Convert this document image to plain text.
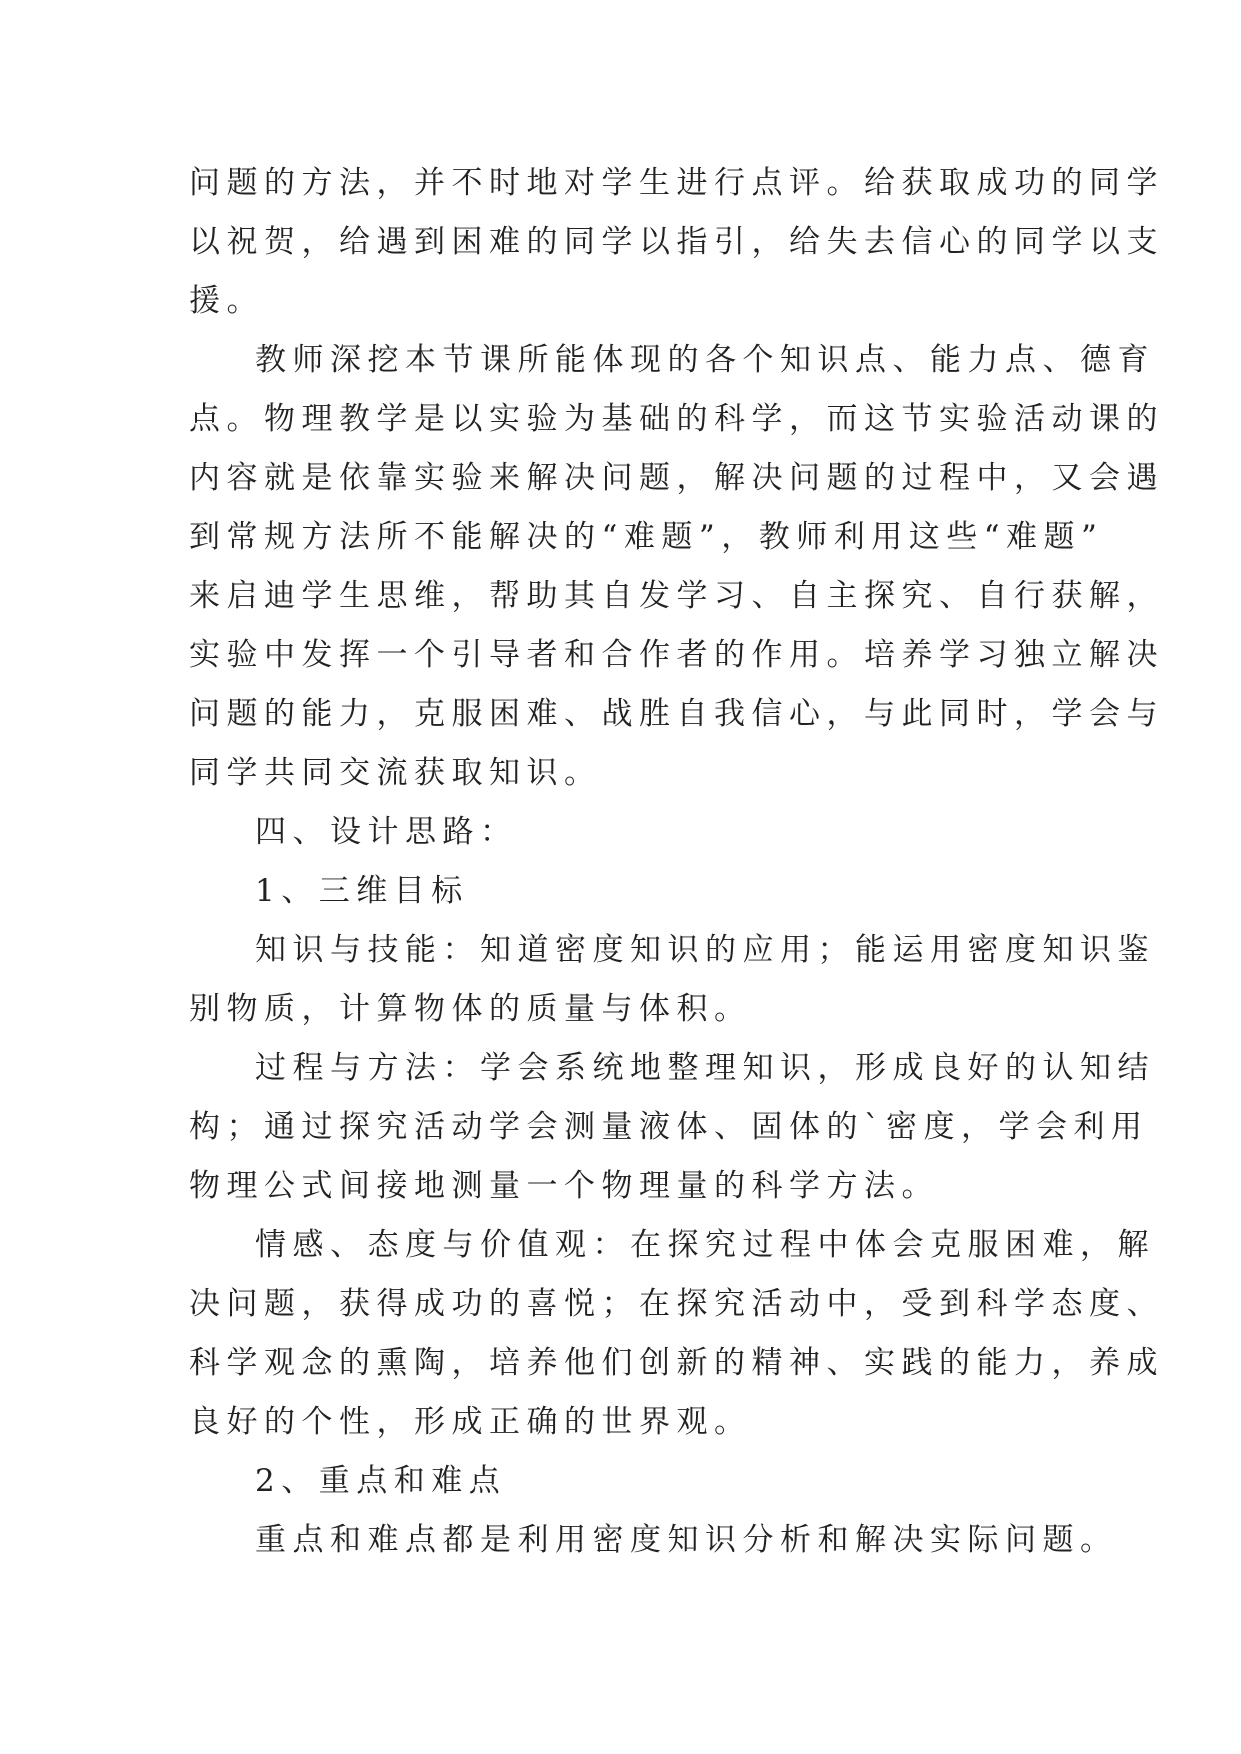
问题的方法，并不时地对学生进行点评。给获取成功的同学
以祝贺，给遇到困难的同学以指引，给失去信心的同学以支
援。
教师深挖本节课所能体现的各个知识点、能力点、德育
点。物理教学是以实验为基础的科学，而这节实验活动课的
内容就是依靠实验来解决问题，解决问题的过程中，又会遇
到常规方法所不能解决的“难题”，教师利用这些“难题”
来启迪学生思维，帮助其自发学习、自主探究、自行获解，
实验中发挥一个引导者和合作者的作用。培养学习独立解决
问题的能力，克服困难、战胜自我信心，与此同时，学会与
同学共同交流获取知识。
四、设计思路：
1、三维目标
知识与技能：知道密度知识的应用；能运用密度知识鉴
别物质，计算物体的质量与体积。
过程与方法：学会系统地整理知识，形成良好的认知结
构；通过探究活动学会测量液体、固体的`密度，学会利用
物理公式间接地测量一个物理量的科学方法。
情感、态度与价值观：在探究过程中体会克服困难，解
决问题，获得成功的喜悦；在探究活动中，受到科学态度、
科学观念的熏陶，培养他们创新的精神、实践的能力，养成
良好的个性，形成正确的世界观。
2、重点和难点
重点和难点都是利用密度知识分析和解决实际问题。
